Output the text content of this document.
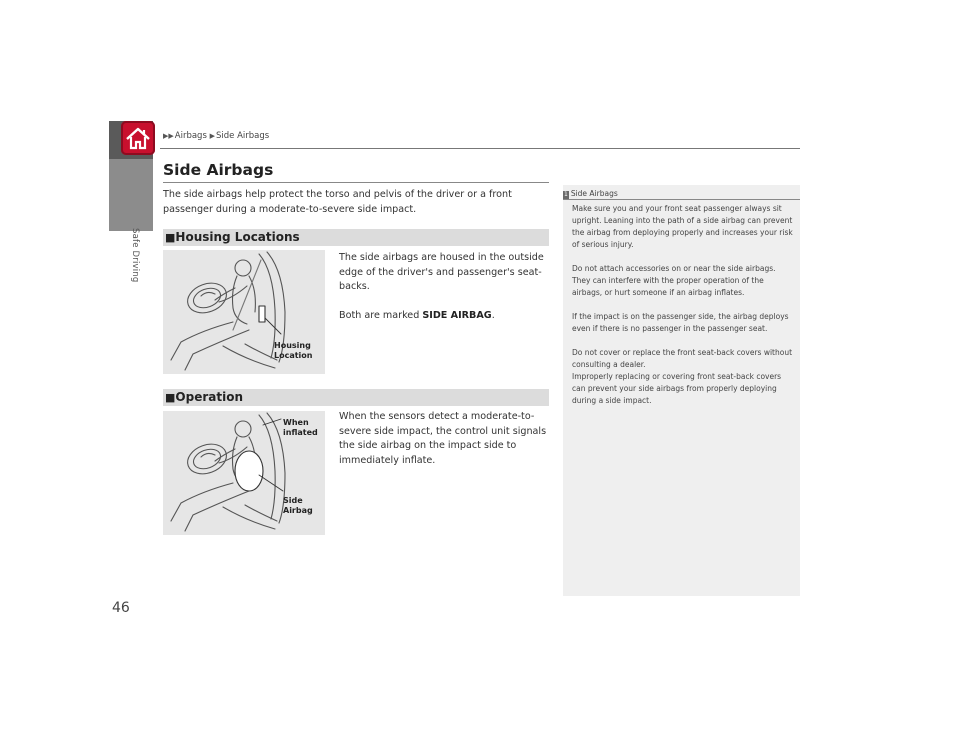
Safe Driving
46
▶▶Airbags ▶Side Airbags
Side Airbags
The side airbags help protect the torso and pelvis of the driver or a front passenger during a moderate-to-severe side impact.
■Housing Locations
Housing
Location
The side airbags are housed in the outside edge of the driver's and passenger's seat-backs.
Both are marked SIDE AIRBAG.
■Operation
When
inflated
Side
Airbag
When the sensors detect a moderate-to-severe side impact, the control unit signals the side airbag on the impact side to immediately inflate.
1 Side Airbags

Make sure you and your front seat passenger always sit upright. Leaning into the path of a side airbag can prevent the airbag from deploying properly and increases your risk of serious injury.

Do not attach accessories on or near the side airbags. They can interfere with the proper operation of the airbags, or hurt someone if an airbag inflates.

If the impact is on the passenger side, the airbag deploys even if there is no passenger in the passenger seat.

Do not cover or replace the front seat-back covers without consulting a dealer.
Improperly replacing or covering front seat-back covers can prevent your side airbags from properly deploying during a side impact.
